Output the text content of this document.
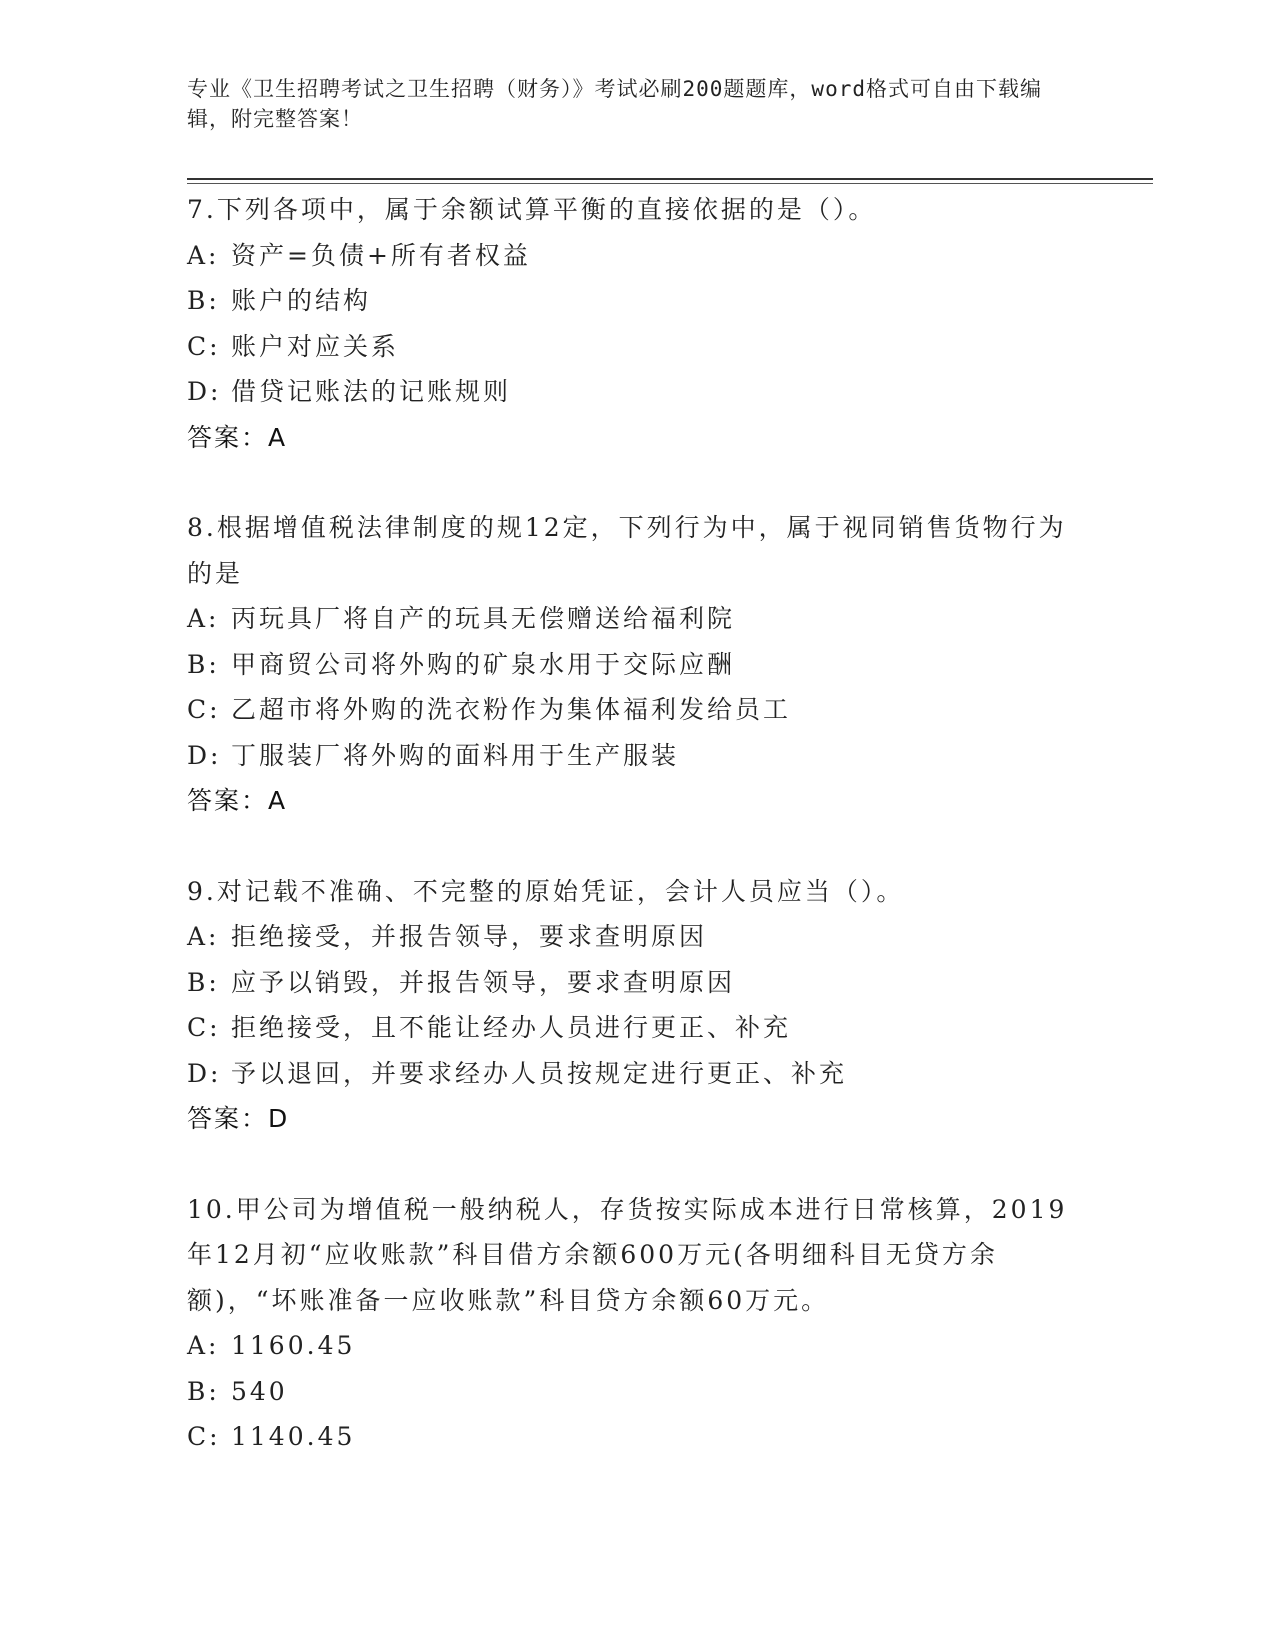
专业《卫生招聘考试之卫生招聘（财务）》考试必刷200题题库，word格式可自由下载编辑，附完整答案！

7.下列各项中，属于余额试算平衡的直接依据的是（）。

A: 资产=负债+所有者权益

B: 账户的结构

C: 账户对应关系

D: 借贷记账法的记账规则

答案：A

8.根据增值税法律制度的规12定，下列行为中，属于视同销售货物行为的是

A: 丙玩具厂将自产的玩具无偿赠送给福利院

B: 甲商贸公司将外购的矿泉水用于交际应酬

C: 乙超市将外购的洗衣粉作为集体福利发给员工

D: 丁服装厂将外购的面料用于生产服装

答案：A

9.对记载不准确、不完整的原始凭证，会计人员应当（）。

A: 拒绝接受，并报告领导，要求查明原因

B: 应予以销毁，并报告领导，要求查明原因

C: 拒绝接受，且不能让经办人员进行更正、补充

D: 予以退回，并要求经办人员按规定进行更正、补充

答案：D

10.甲公司为增值税一般纳税人，存货按实际成本进行日常核算，2019年12月初“应收账款”科目借方余额600万元(各明细科目无贷方余额)，“坏账准备一应收账款”科目贷方余额60万元。

A: 1160.45

B: 540

C: 1140.45
